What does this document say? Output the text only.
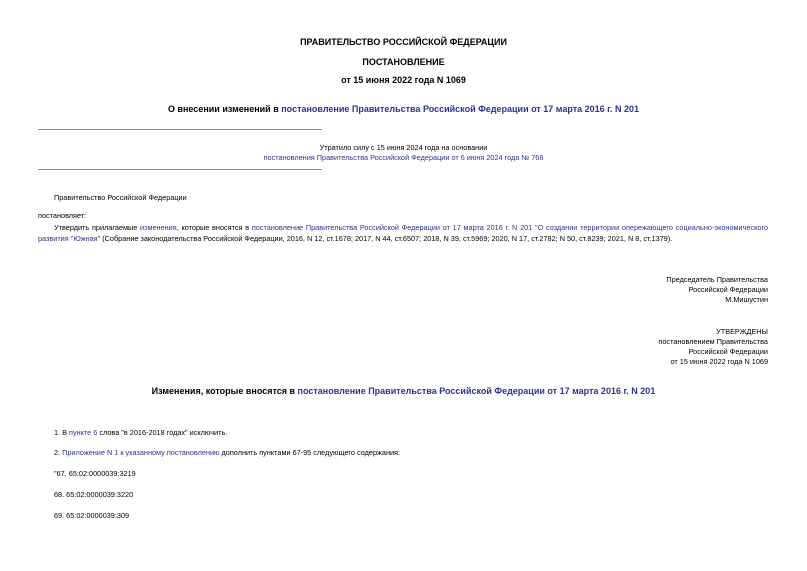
ПРАВИТЕЛЬСТВО РОССИЙСКОЙ ФЕДЕРАЦИИ
ПОСТАНОВЛЕНИЕ
от 15 июня 2022 года N 1069
О внесении изменений в постановление Правительства Российской Федерации от 17 марта 2016 г. N 201
Утратило силу с 15 июня 2024 года на основании
постановления Правительства Российской Федерации от 6 июня 2024 года № 768
Правительство Российской Федерации
постановляет:
Утвердить прилагаемые изменения, которые вносятся в постановление Правительства Российской Федерации от 17 марта 2016 г. N 201 "О создании территории опережающего социально-экономического развития "Южная" (Собрание законодательства Российской Федерации, 2016, N 12, ст.1678; 2017, N 44, ст.6507; 2018, N 39, ст.5969; 2020, N 17, ст.2782; N 50, ст.8239; 2021, N 8, ст.1379).
Председатель Правительства
Российской Федерации
М.Мишустин
УТВЕРЖДЕНЫ
постановлением Правительства
Российской Федерации
от 15 июня 2022 года N 1069
Изменения, которые вносятся в постановление Правительства Российской Федерации от 17 марта 2016 г. N 201
1. В пункте 6 слова "в 2016-2018 годах" исключить.
2. Приложение N 1 к указанному постановлению дополнить пунктами 67-95 следующего содержания:
"67. 65:02:0000039:3219
68. 65:02:0000039:3220
69. 65:02:0000039:309
